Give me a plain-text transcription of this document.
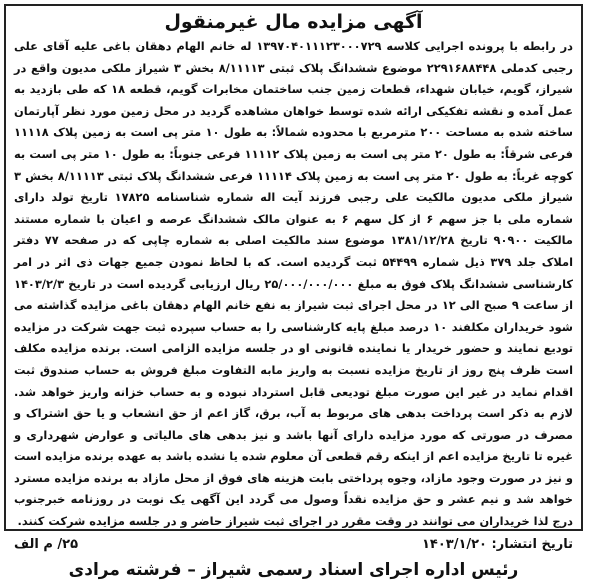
آگهی مزایده مال غیرمنقول

در رابطه با پرونده اجرایی کلاسه ۱۳۹۷۰۴۰۱۱۱۲۳۰۰۰۷۲۹ له خانم الهام دهقان باغی علیه آقای علی رجبی کدملی ۲۲۹۱۶۸۸۴۴۸ موضوع ششدانگ پلاک ثبتی ۸/۱۱۱۱۳ بخش ۳ شیراز ملکی مدیون واقع در شیراز، گویم، خیابان شهداء، قطعات زمین جنب ساختمان مخابرات گویم، قطعه ۱۸ که طی بازدید به عمل آمده و نقشه تفکیکی ارائه شده توسط خواهان مشاهده گردید در محل زمین مورد نظر آپارتمان ساخته شده به مساحت ۲۰۰ مترمربع با محدوده شمالاً: به طول ۱۰ متر پی است به زمین پلاک ۱۱۱۱۸ فرعی شرقاً: به طول ۲۰ متر پی است به زمین پلاک ۱۱۱۱۲ فرعی جنوباً: به طول ۱۰ متر پی است به کوچه غرباً: به طول ۲۰ متر پی است به زمین پلاک ۱۱۱۱۴ فرعی ششدانگ پلاک ثبتی ۸/۱۱۱۱۳ بخش ۳ شیراز ملکی مدیون مالکیت علی رجبی فرزند آیت اله شماره شناسنامه ۱۷۸۲۵ تاریخ تولد دارای شماره ملی با جز سهم ۶ از کل سهم ۶ به عنوان مالک ششدانگ عرصه و اعیان با شماره مستند مالکیت ۹۰۹۰۰ تاریخ ۱۳۸۱/۱۲/۲۸ موضوع سند مالکیت اصلی به شماره چاپی که در صفحه ۷۷ دفتر املاک جلد ۳۷۹ ذیل شماره ۵۴۴۹۹ ثبت گردیده است. که با لحاظ نمودن جمیع جهات ذی اثر در امر کارشناسی ششدانگ پلاک فوق به مبلغ ۲۵/۰۰۰/۰۰۰/۰۰۰ ریال ارزیابی گردیده است در تاریخ ۱۴۰۳/۲/۳ از ساعت ۹ صبح الی ۱۲ در محل اجرای ثبت شیراز به نفع خانم الهام دهقان باغی مزایده گذاشته می شود خریداران مکلفند ۱۰ درصد مبلغ پایه کارشناسی را به حساب سپرده ثبت جهت شرکت در مزایده تودیع نمایند و حضور خریدار یا نماینده قانونی او در جلسه مزایده الزامی است. برنده مزایده مکلف است ظرف پنج روز از تاریخ مزایده نسبت به واریز مابه التفاوت مبلغ فروش به حساب صندوق ثبت اقدام نماید در غیر این صورت مبلغ تودیعی قابل استرداد نبوده و به حساب خزانه واریز خواهد شد. لازم به ذکر است پرداخت بدهی های مربوط به آب، برق، گاز اعم از حق انشعاب و یا حق اشتراک و مصرف در صورتی که مورد مزایده دارای آنها باشد و نیز بدهی های مالیاتی و عوارض شهرداری و غیره تا تاریخ مزایده اعم از اینکه رقم قطعی آن معلوم شده یا نشده باشد به عهده برنده مزایده است و نیز در صورت وجود مازاد، وجوه پرداختی بابت هزینه های فوق از محل مازاد به برنده مزایده مسترد خواهد شد و نیم عشر و حق مزایده نقداً وصول می گردد این آگهی یک نوبت در روزنامه خبرجنوب درج لذا خریداران می توانند در وقت مقرر در اجرای ثبت شیراز حاضر و در جلسه مزایده شرکت کنند.

تاریخ انتشار: ۱۴۰۳/۱/۲۰
۲۵/ م الف
رئیس اداره اجرای اسناد رسمی شیراز – فرشته مرادی
